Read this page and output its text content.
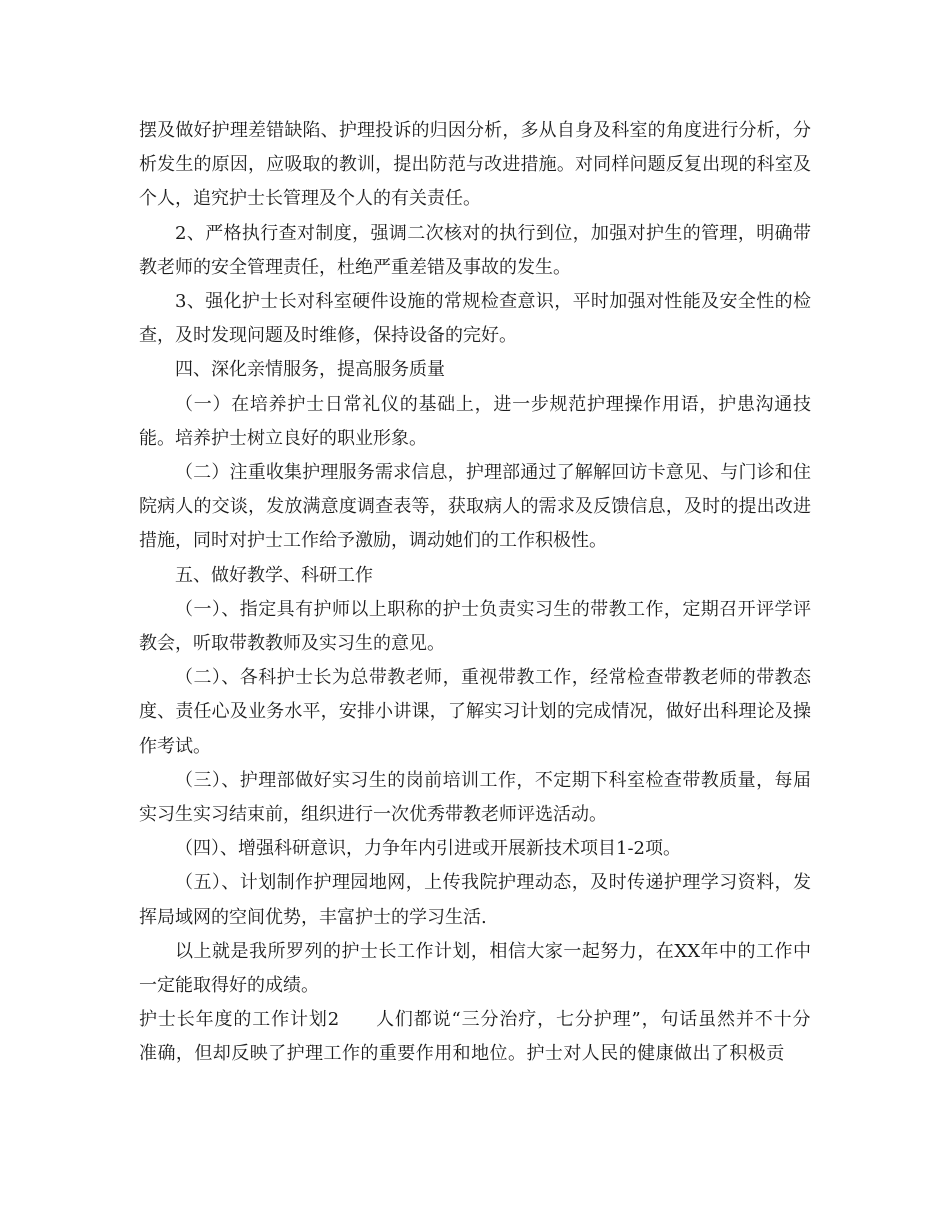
摆及做好护理差错缺陷、护理投诉的归因分析，多从自身及科室的角度进行分析，分析发生的原因，应吸取的教训，提出防范与改进措施。对同样问题反复出现的科室及个人，追究护士长管理及个人的有关责任。

2、严格执行查对制度，强调二次核对的执行到位，加强对护生的管理，明确带教老师的安全管理责任，杜绝严重差错及事故的发生。

3、强化护士长对科室硬件设施的常规检查意识，平时加强对性能及安全性的检查，及时发现问题及时维修，保持设备的完好。

四、深化亲情服务，提高服务质量

（一）在培养护士日常礼仪的基础上，进一步规范护理操作用语，护患沟通技能。培养护士树立良好的职业形象。

（二）注重收集护理服务需求信息，护理部通过了解解回访卡意见、与门诊和住院病人的交谈，发放满意度调查表等，获取病人的需求及反馈信息，及时的提出改进措施，同时对护士工作给予激励，调动她们的工作积极性。

五、做好教学、科研工作

（一）、指定具有护师以上职称的护士负责实习生的带教工作，定期召开评学评教会，听取带教教师及实习生的意见。

（二）、各科护士长为总带教老师，重视带教工作，经常检查带教老师的带教态度、责任心及业务水平，安排小讲课，了解实习计划的完成情况，做好出科理论及操作考试。

（三）、护理部做好实习生的岗前培训工作，不定期下科室检查带教质量，每届实习生实习结束前，组织进行一次优秀带教老师评选活动。

（四）、增强科研意识，力争年内引进或开展新技术项目1-2项。

（五）、计划制作护理园地网，上传我院护理动态，及时传递护理学习资料，发挥局域网的空间优势，丰富护士的学习生活.

以上就是我所罗列的护士长工作计划，相信大家一起努力，在XX年中的工作中一定能取得好的成绩。

护士长年度的工作计划2 人们都说“三分治疗，七分护理”，句话虽然并不十分准确，但却反映了护理工作的重要作用和地位。护士对人民的健康做出了积极贡
